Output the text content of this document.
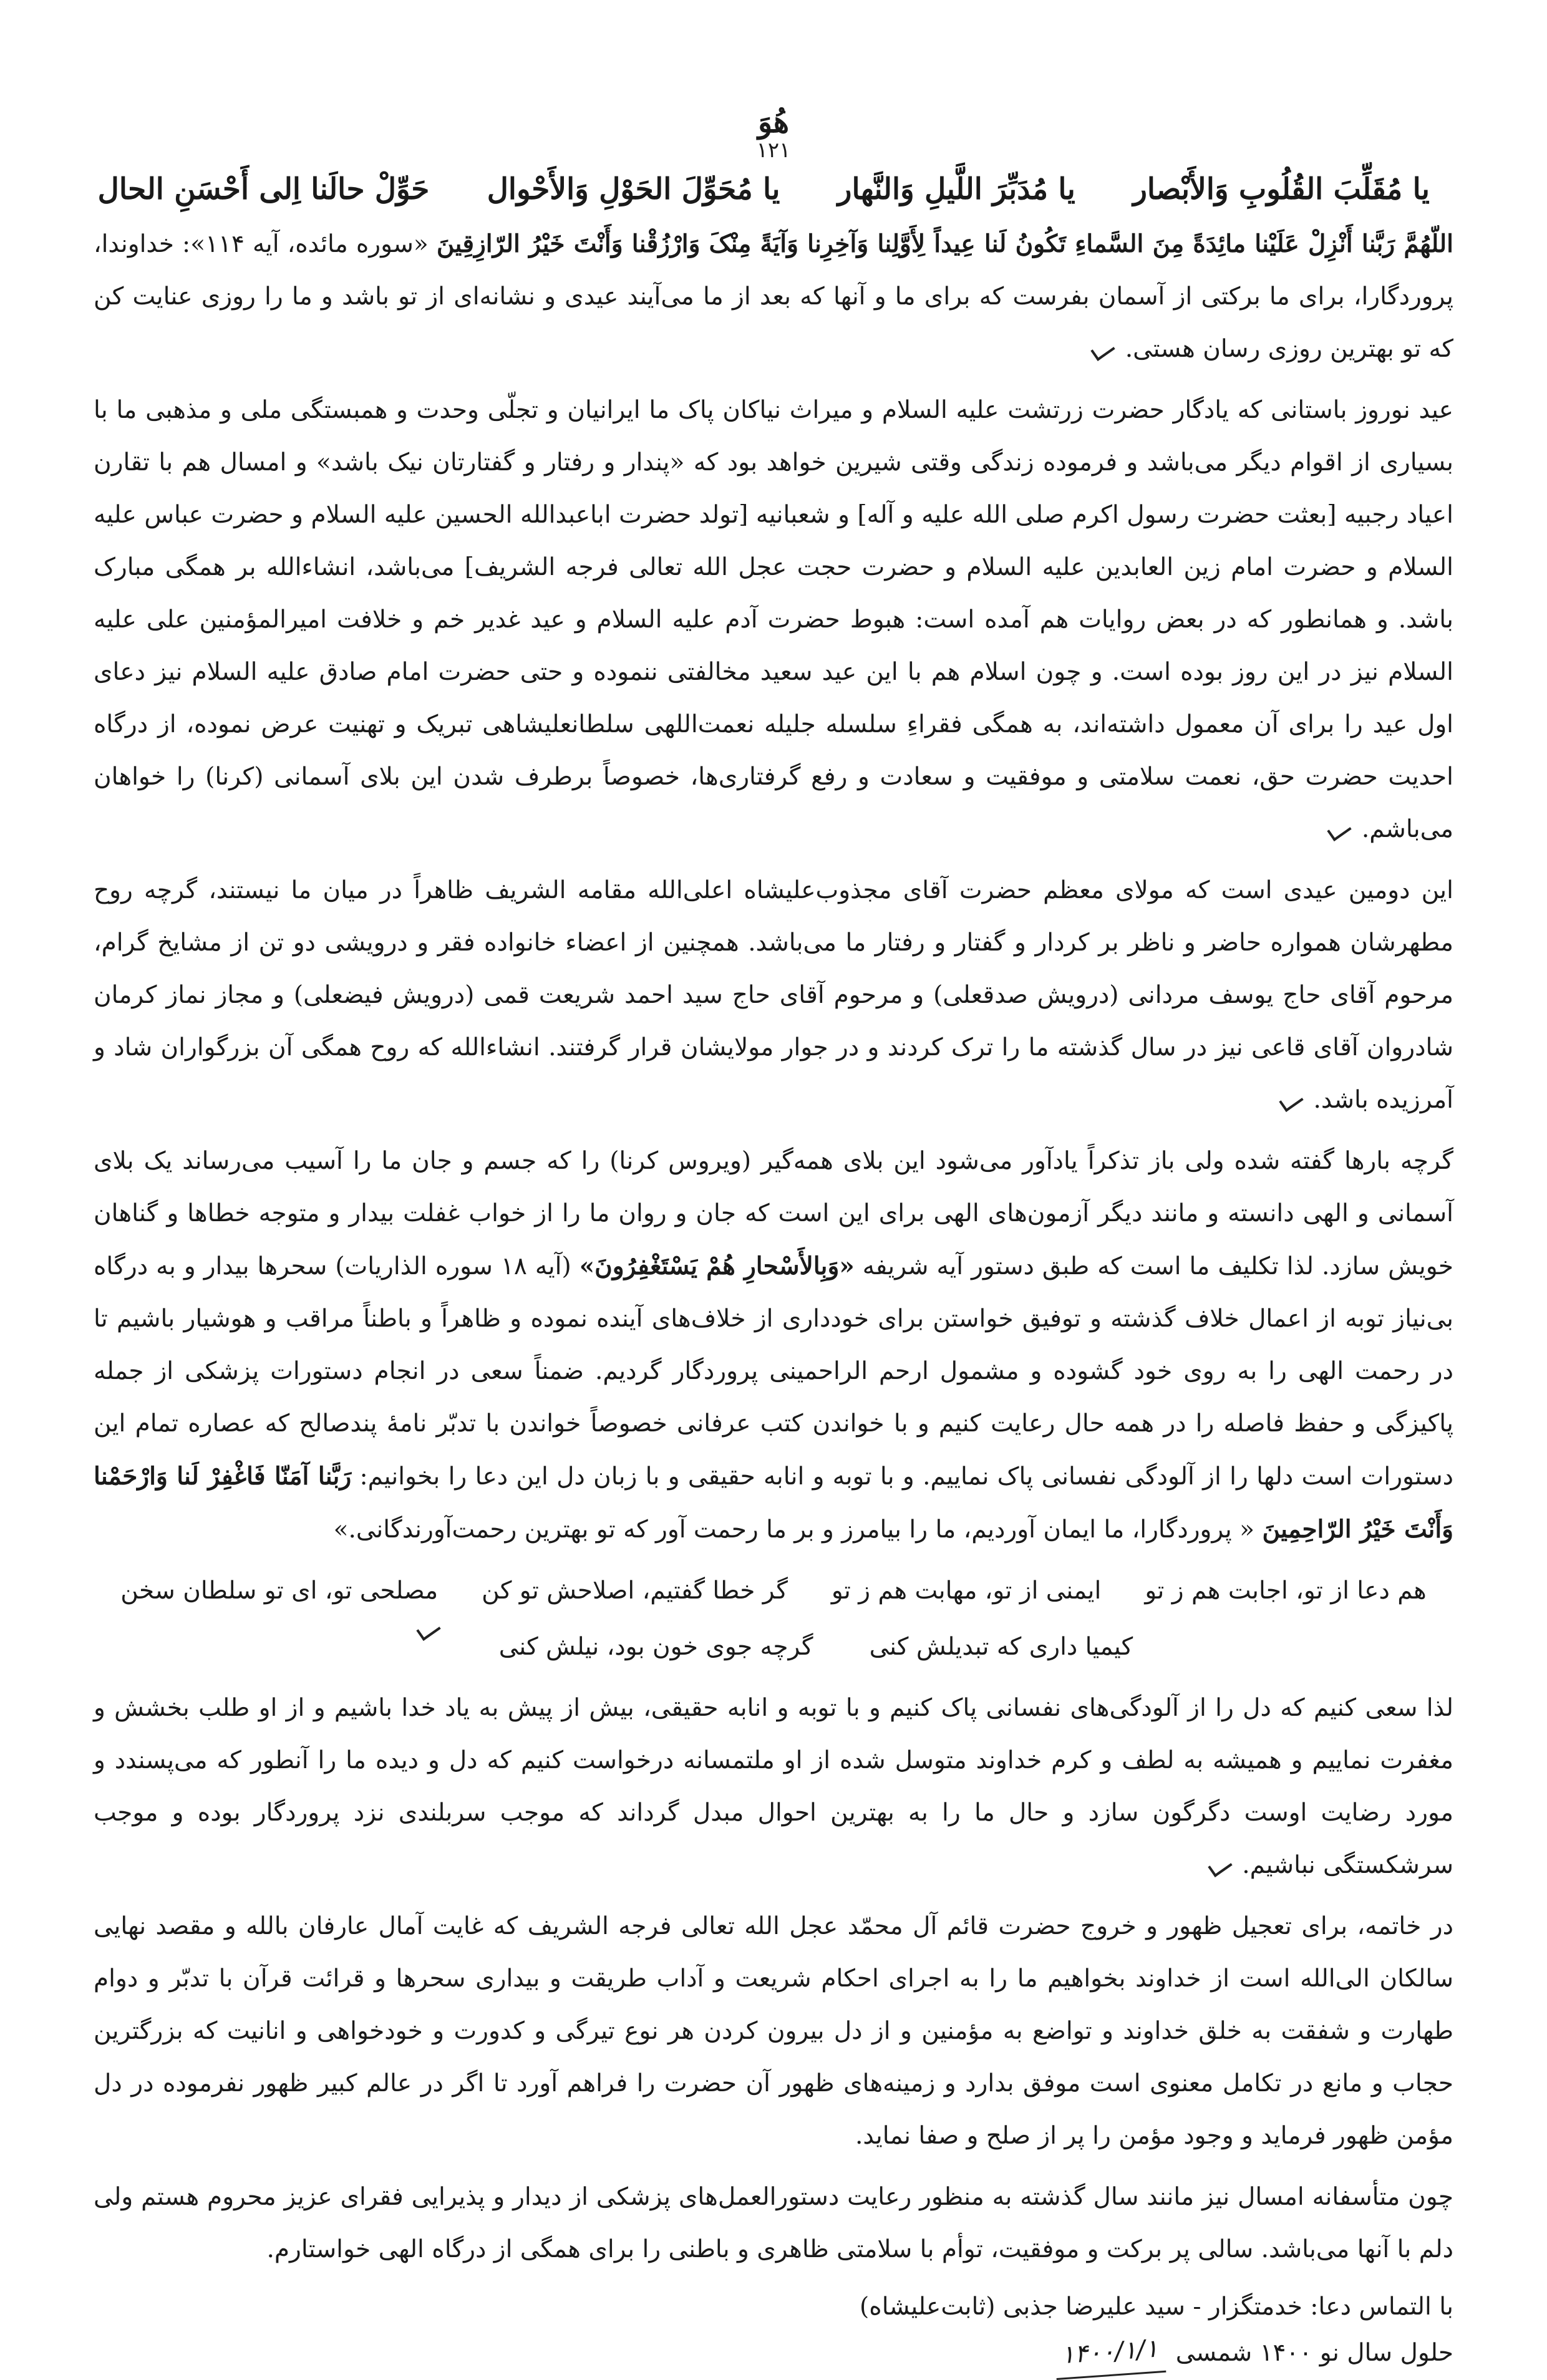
هُوَ
۱۲۱
یا مُقَلِّبَ القُلُوبِ وَالأَبْصار یا مُدَبِّرَ اللَّیلِ وَالنَّهار یا مُحَوِّلَ الحَوْلِ وَالأَحْوال حَوِّلْ حالَنا اِلی أَحْسَنِ الحال

اللّهُمَّ رَبَّنا أَنْزِلْ عَلَیْنا مائِدَةً مِنَ السَّماءِ تَکُونُ لَنا عِیداً لِأَوَّلِنا وَآخِرِنا وَآیَةً مِنْکَ وَارْزُقْنا وَأَنْتَ خَیْرُ الرّازِقِینَ «سوره مائده، آیه ۱۱۴»: خداوندا، پروردگارا، برای ما برکتی از آسمان بفرست که برای ما و آنها که بعد از ما می‌آیند عیدی و نشانه‌ای از تو باشد و ما را روزی عنایت کن که تو بهترین روزی رسان هستی.

عید نوروز باستانی که یادگار حضرت زرتشت علیه السلام و میراث نیاکان پاک ما ایرانیان و تجلّی وحدت و همبستگی ملی و مذهبی ما با بسیاری از اقوام دیگر می‌باشد و فرموده زندگی وقتی شیرین خواهد بود که «پندار و رفتار و گفتارتان نیک باشد» و امسال هم با تقارن اعیاد رجبیه [بعثت حضرت رسول اکرم صلی الله علیه و آله] و شعبانیه [تولد حضرت اباعبدالله الحسین علیه السلام و حضرت عباس علیه السلام و حضرت امام زین العابدین علیه السلام و حضرت حجت عجل الله تعالی فرجه الشریف] می‌باشد، انشاءالله بر همگی مبارک باشد. و همانطور که در بعض روایات هم آمده است: هبوط حضرت آدم علیه السلام و عید غدیر خم و خلافت امیرالمؤمنین علی علیه السلام نیز در این روز بوده است. و چون اسلام هم با این عید سعید مخالفتی ننموده و حتی حضرت امام صادق علیه السلام نیز دعای اول عید را برای آن معمول داشته‌اند، به همگی فقراءِ سلسله جلیله نعمت‌اللهی سلطانعلیشاهی تبریک و تهنیت عرض نموده، از درگاه احدیت حضرت حق، نعمت سلامتی و موفقیت و سعادت و رفع گرفتاری‌ها، خصوصاً برطرف شدن این بلای آسمانی (کرنا) را خواهان می‌باشم.

این دومین عیدی است که مولای معظم حضرت آقای مجذوب‌علیشاه اعلی‌الله مقامه الشریف ظاهراً در میان ما نیستند، گرچه روح مطهرشان همواره حاضر و ناظر بر کردار و گفتار و رفتار ما می‌باشد. همچنین از اعضاء خانواده فقر و درویشی دو تن از مشایخ گرام، مرحوم آقای حاج یوسف مردانی (درویش صدقعلی) و مرحوم آقای حاج سید احمد شریعت قمی (درویش فیضعلی) و مجاز نماز کرمان شادروان آقای قاعی نیز در سال گذشته ما را ترک کردند و در جوار مولایشان قرار گرفتند. انشاءالله که روح همگی آن بزرگواران شاد و آمرزیده باشد.

گرچه بارها گفته شده ولی باز تذکراً یادآور می‌شود این بلای همه‌گیر (ویروس کرنا) را که جسم و جان ما را آسیب می‌رساند یک بلای آسمانی و الهی دانسته و مانند دیگر آزمون‌های الهی برای این است که جان و روان ما را از خواب غفلت بیدار و متوجه خطاها و گناهان خویش سازد. لذا تکلیف ما است که طبق دستور آیه شریفه «وَبِالأَسْحارِ هُمْ یَسْتَغْفِرُونَ» (آیه ۱۸ سوره الذاریات) سحرها بیدار و به درگاه بی‌نیاز توبه از اعمال خلاف گذشته و توفیق خواستن برای خودداری از خلاف‌های آینده نموده و ظاهراً و باطناً مراقب و هوشیار باشیم تا در رحمت الهی را به روی خود گشوده و مشمول ارحم الراحمینی پروردگار گردیم. ضمناً سعی در انجام دستورات پزشکی از جمله پاکیزگی و حفظ فاصله را در همه حال رعایت کنیم و با خواندن کتب عرفانی خصوصاً خواندن با تدبّر نامهٔ پندصالح که عصاره تمام این دستورات است دلها را از آلودگی نفسانی پاک نماییم. و با توبه و انابه حقیقی و با زبان دل این دعا را بخوانیم: رَبَّنا آمَنّا فَاغْفِرْ لَنا وَارْحَمْنا وَأَنْتَ خَیْرُ الرّاحِمِینَ « پروردگارا، ما ایمان آوردیم، ما را بیامرز و بر ما رحمت آور که تو بهترین رحمت‌آورندگانی.»

هم دعا از تو، اجابت هم ز تو
ایمنی از تو، مهابت هم ز تو
گر خطا گفتیم، اصلاحش تو کن
مصلحی تو، ای تو سلطان سخن
کیمیا داری که تبدیلش کنی
گرچه جوی خون بود، نیلش کنی

لذا سعی کنیم که دل را از آلودگی‌های نفسانی پاک کنیم و با توبه و انابه حقیقی، بیش از پیش به یاد خدا باشیم و از او طلب بخشش و مغفرت نماییم و همیشه به لطف و کرم خداوند متوسل شده از او ملتمسانه درخواست کنیم که دل و دیده ما را آنطور که می‌پسندد و مورد رضایت اوست دگرگون سازد و حال ما را به بهترین احوال مبدل گرداند که موجب سربلندی نزد پروردگار بوده و موجب سرشکستگی نباشیم.

در خاتمه، برای تعجیل ظهور و خروج حضرت قائم آل محمّد عجل الله تعالی فرجه الشریف که غایت آمال عارفان بالله و مقصد نهایی سالکان الی‌الله است از خداوند بخواهیم ما را به اجرای احکام شریعت و آداب طریقت و بیداری سحرها و قرائت قرآن با تدبّر و دوام طهارت و شفقت به خلق خداوند و تواضع به مؤمنین و از دل بیرون کردن هر نوع تیرگی و کدورت و خودخواهی و انانیت که بزرگترین حجاب و مانع در تکامل معنوی است موفق بدارد و زمینه‌های ظهور آن حضرت را فراهم آورد تا اگر در عالم کبیر ظهور نفرموده در دل مؤمن ظهور فرماید و وجود مؤمن را پر از صلح و صفا نماید.

چون متأسفانه امسال نیز مانند سال گذشته به منظور رعایت دستورالعمل‌های پزشکی از دیدار و پذیرایی فقرای عزیز محروم هستم ولی دلم با آنها می‌باشد. سالی پر برکت و موفقیت، توأم با سلامتی ظاهری و باطنی را برای همگی از درگاه الهی خواستارم.

با التماس دعا: خدمتگزار - سید علیرضا جذبی (ثابت‌علیشاه)
حلول سال نو ۱۴۰۰ شمسی
۱۴۰۰/۱/۱
